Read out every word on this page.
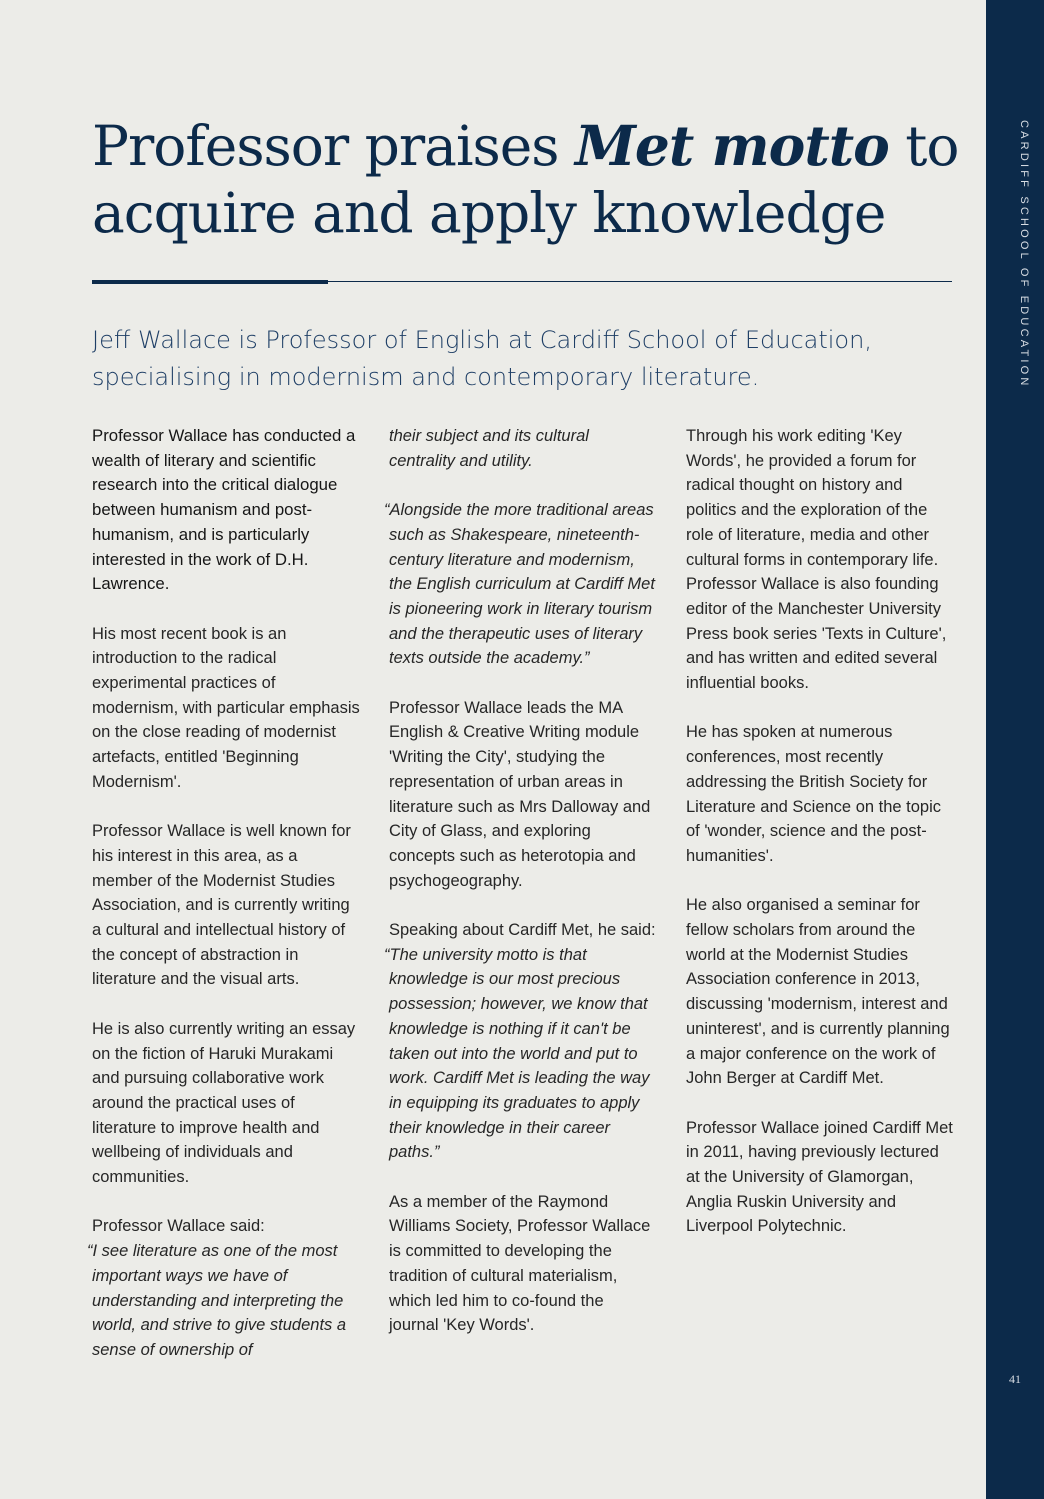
CARDIFF SCHOOL OF EDUCATION
41
Professor praises Met motto to acquire and apply knowledge

Jeff Wallace is Professor of English at Cardiff School of Education, specialising in modernism and contemporary literature.

Professor Wallace has conducted a wealth of literary and scientific research into the critical dialogue between humanism and post-humanism, and is particularly interested in the work of D.H. Lawrence.

His most recent book is an introduction to the radical experimental practices of modernism, with particular emphasis on the close reading of modernist artefacts, entitled 'Beginning Modernism'.

Professor Wallace is well known for his interest in this area, as a member of the Modernist Studies Association, and is currently writing a cultural and intellectual history of the concept of abstraction in literature and the visual arts.

He is also currently writing an essay on the fiction of Haruki Murakami and pursuing collaborative work around the practical uses of literature to improve health and wellbeing of individuals and communities.

Professor Wallace said:

“I see literature as one of the most important ways we have of understanding and interpreting the world, and strive to give students a sense of ownership of

their subject and its cultural centrality and utility.

“Alongside the more traditional areas such as Shakespeare, nineteenth-century literature and modernism, the English curriculum at Cardiff Met is pioneering work in literary tourism and the therapeutic uses of literary texts outside the academy.”

Professor Wallace leads the MA English & Creative Writing module 'Writing the City', studying the representation of urban areas in literature such as Mrs Dalloway and City of Glass, and exploring concepts such as heterotopia and psychogeography.

Speaking about Cardiff Met, he said:

“The university motto is that knowledge is our most precious possession; however, we know that knowledge is nothing if it can't be taken out into the world and put to work. Cardiff Met is leading the way in equipping its graduates to apply their knowledge in their career paths.”

As a member of the Raymond Williams Society, Professor Wallace is committed to developing the tradition of cultural materialism, which led him to co-found the journal 'Key Words'.

Through his work editing 'Key Words', he provided a forum for radical thought on history and politics and the exploration of the role of literature, media and other cultural forms in contemporary life. Professor Wallace is also founding editor of the Manchester University Press book series 'Texts in Culture', and has written and edited several influential books.

He has spoken at numerous conferences, most recently addressing the British Society for Literature and Science on the topic of 'wonder, science and the post-humanities'.

He also organised a seminar for fellow scholars from around the world at the Modernist Studies Association conference in 2013, discussing 'modernism, interest and uninterest', and is currently planning a major conference on the work of John Berger at Cardiff Met.

Professor Wallace joined Cardiff Met in 2011, having previously lectured at the University of Glamorgan, Anglia Ruskin University and Liverpool Polytechnic.
